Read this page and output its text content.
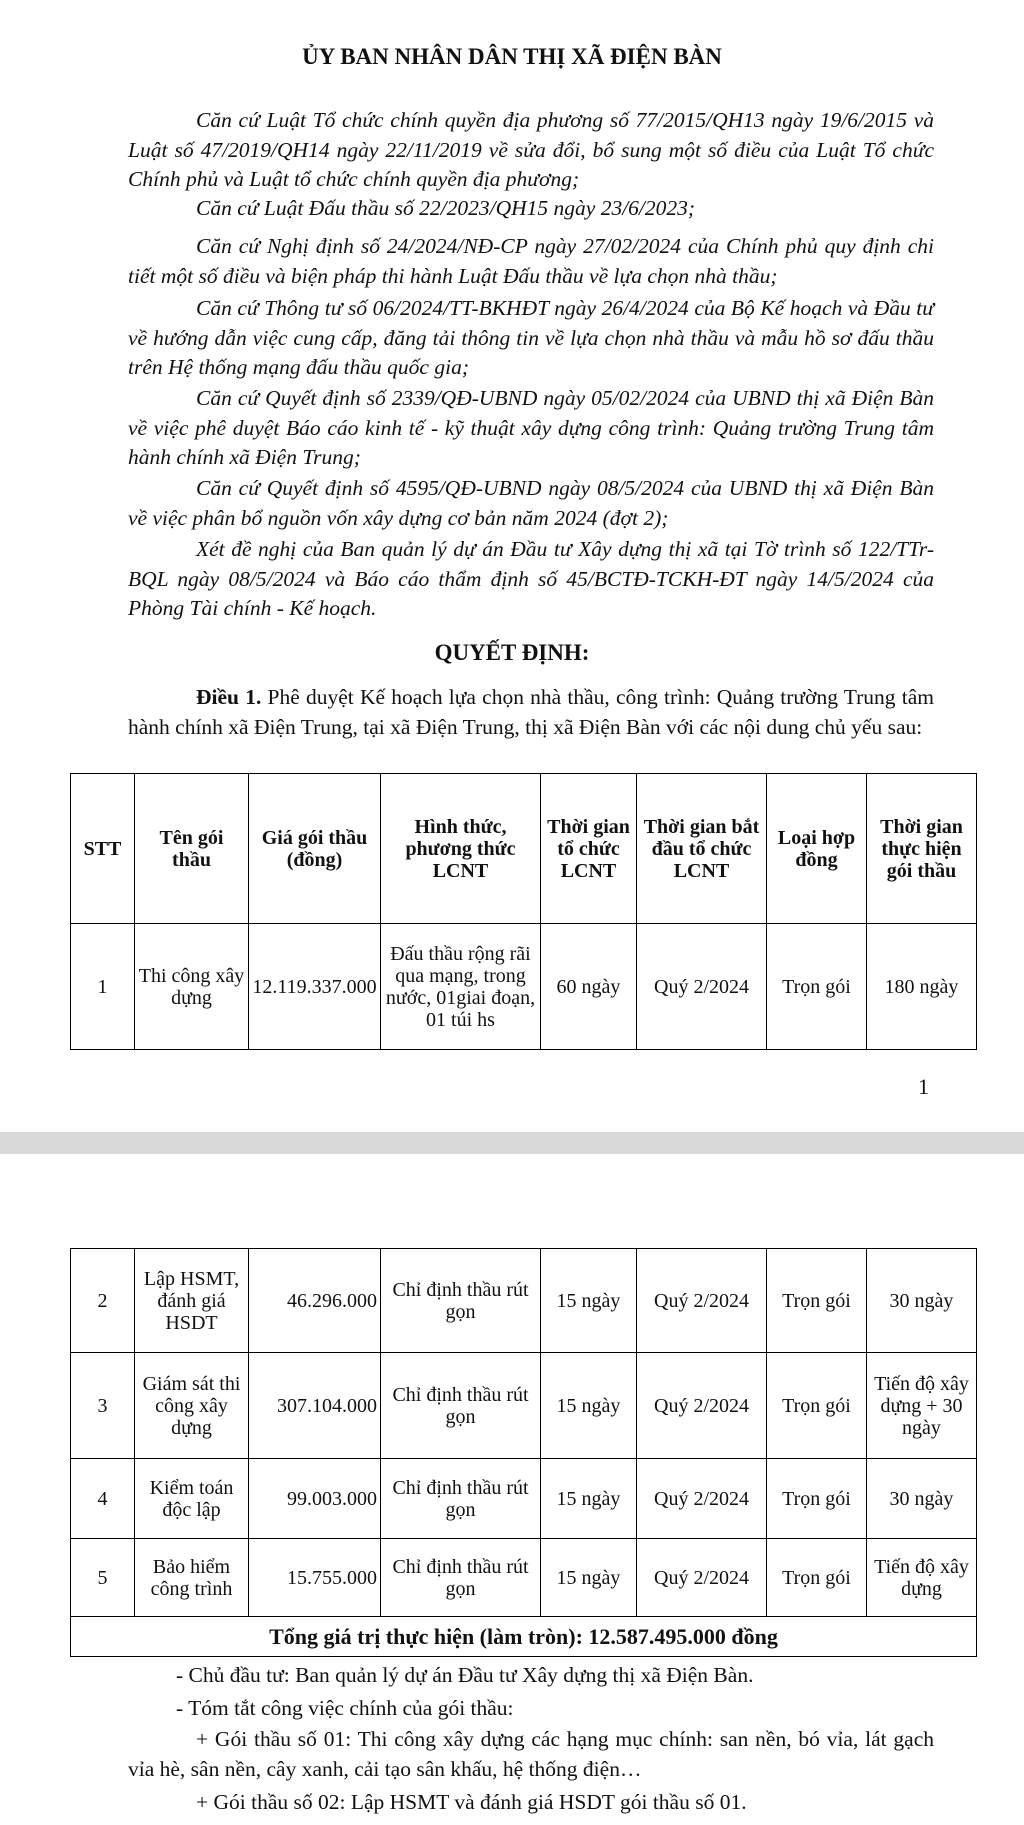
ỦY BAN NHÂN DÂN THỊ XÃ ĐIỆN BÀN

Căn cứ Luật Tổ chức chính quyền địa phương số 77/2015/QH13 ngày 19/6/2015 và Luật số 47/2019/QH14 ngày 22/11/2019 về sửa đổi, bổ sung một số điều của Luật Tổ chức Chính phủ và Luật tổ chức chính quyền địa phương;

Căn cứ Luật Đấu thầu số 22/2023/QH15 ngày 23/6/2023;

Căn cứ Nghị định số 24/2024/NĐ-CP ngày 27/02/2024 của Chính phủ quy định chi tiết một số điều và biện pháp thi hành Luật Đấu thầu về lựa chọn nhà thầu;

Căn cứ Thông tư số 06/2024/TT-BKHĐT ngày 26/4/2024 của Bộ Kế hoạch và Đầu tư về hướng dẫn việc cung cấp, đăng tải thông tin về lựa chọn nhà thầu và mẫu hồ sơ đấu thầu trên Hệ thống mạng đấu thầu quốc gia;

Căn cứ Quyết định số 2339/QĐ-UBND ngày 05/02/2024 của UBND thị xã Điện Bàn về việc phê duyệt Báo cáo kinh tế - kỹ thuật xây dựng công trình: Quảng trường Trung tâm hành chính xã Điện Trung;

Căn cứ Quyết định số 4595/QĐ-UBND ngày 08/5/2024 của UBND thị xã Điện Bàn về việc phân bổ nguồn vốn xây dựng cơ bản năm 2024 (đợt 2);

Xét đề nghị của Ban quản lý dự án Đầu tư Xây dựng thị xã tại Tờ trình số 122/TTr-BQL ngày 08/5/2024 và Báo cáo thẩm định số 45/BCTĐ-TCKH-ĐT ngày 14/5/2024 của Phòng Tài chính - Kế hoạch.

QUYẾT ĐỊNH:

Điều 1. Phê duyệt Kế hoạch lựa chọn nhà thầu, công trình: Quảng trường Trung tâm hành chính xã Điện Trung, tại xã Điện Trung, thị xã Điện Bàn với các nội dung chủ yếu sau:

STT	Tên gói thầu	Giá gói thầu (đồng)	Hình thức, phương thức LCNT	Thời gian tổ chức LCNT	Thời gian bắt đầu tổ chức LCNT	Loại hợp đồng	Thời gian thực hiện gói thầu
1	Thi công xây dựng	12.119.337.000	Đấu thầu rộng rãi qua mạng, trong nước, 01giai đoạn, 01 túi hs	60 ngày	Quý 2/2024	Trọn gói	180 ngày
1
2	Lập HSMT, đánh giá HSDT	46.296.000	Chỉ định thầu rút gọn	15 ngày	Quý 2/2024	Trọn gói	30 ngày
3	Giám sát thi công xây dựng	307.104.000	Chỉ định thầu rút gọn	15 ngày	Quý 2/2024	Trọn gói	Tiến độ xây dựng + 30 ngày
4	Kiểm toán độc lập	99.003.000	Chỉ định thầu rút gọn	15 ngày	Quý 2/2024	Trọn gói	30 ngày
5	Bảo hiểm công trình	15.755.000	Chỉ định thầu rút gọn	15 ngày	Quý 2/2024	Trọn gói	Tiến độ xây dựng
Tổng giá trị thực hiện (làm tròn): 12.587.495.000 đồng							

- Chủ đầu tư: Ban quản lý dự án Đầu tư Xây dựng thị xã Điện Bàn.

- Tóm tắt công việc chính của gói thầu:

+ Gói thầu số 01: Thi công xây dựng các hạng mục chính: san nền, bó vỉa, lát gạch vỉa hè, sân nền, cây xanh, cải tạo sân khấu, hệ thống điện…

+ Gói thầu số 02: Lập HSMT và đánh giá HSDT gói thầu số 01.
